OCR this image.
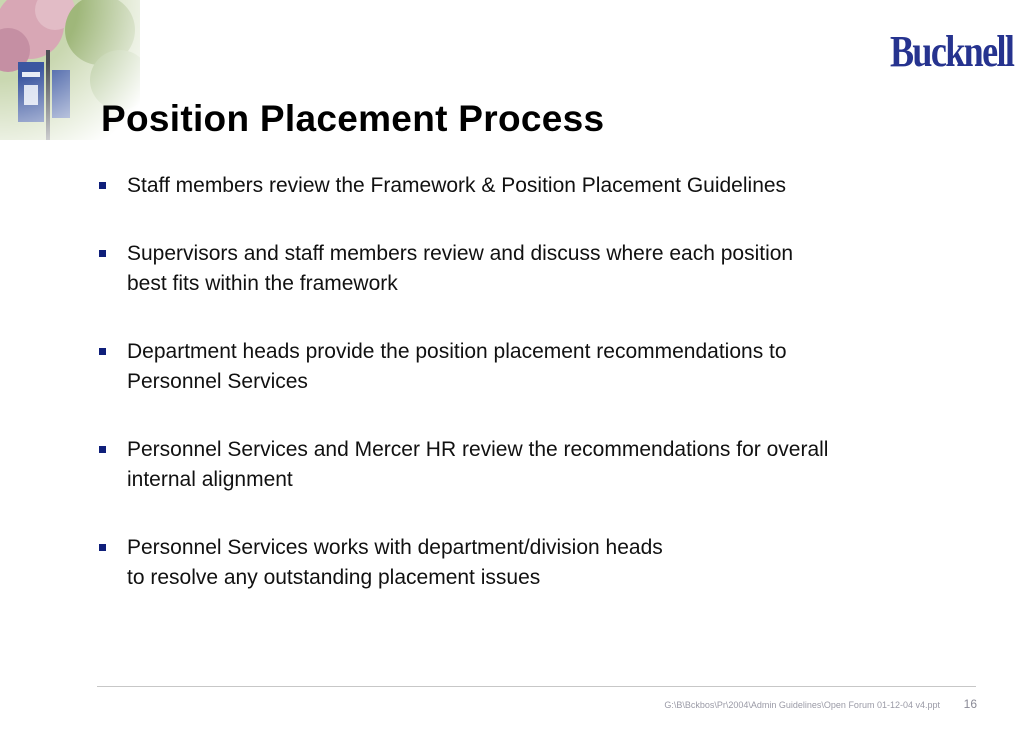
Bucknell
Position Placement Process
Staff members review the Framework & Position Placement Guidelines
Supervisors and staff members review and discuss where each position
best fits within the framework
Department heads provide the position placement recommendations to
Personnel Services
Personnel Services and Mercer HR review the recommendations for overall
internal alignment
Personnel Services works with department/division heads
to resolve any outstanding placement issues
G:\B\Bckbos\Pr\2004\Admin Guidelines\Open Forum 01-12-04 v4.ppt	16
